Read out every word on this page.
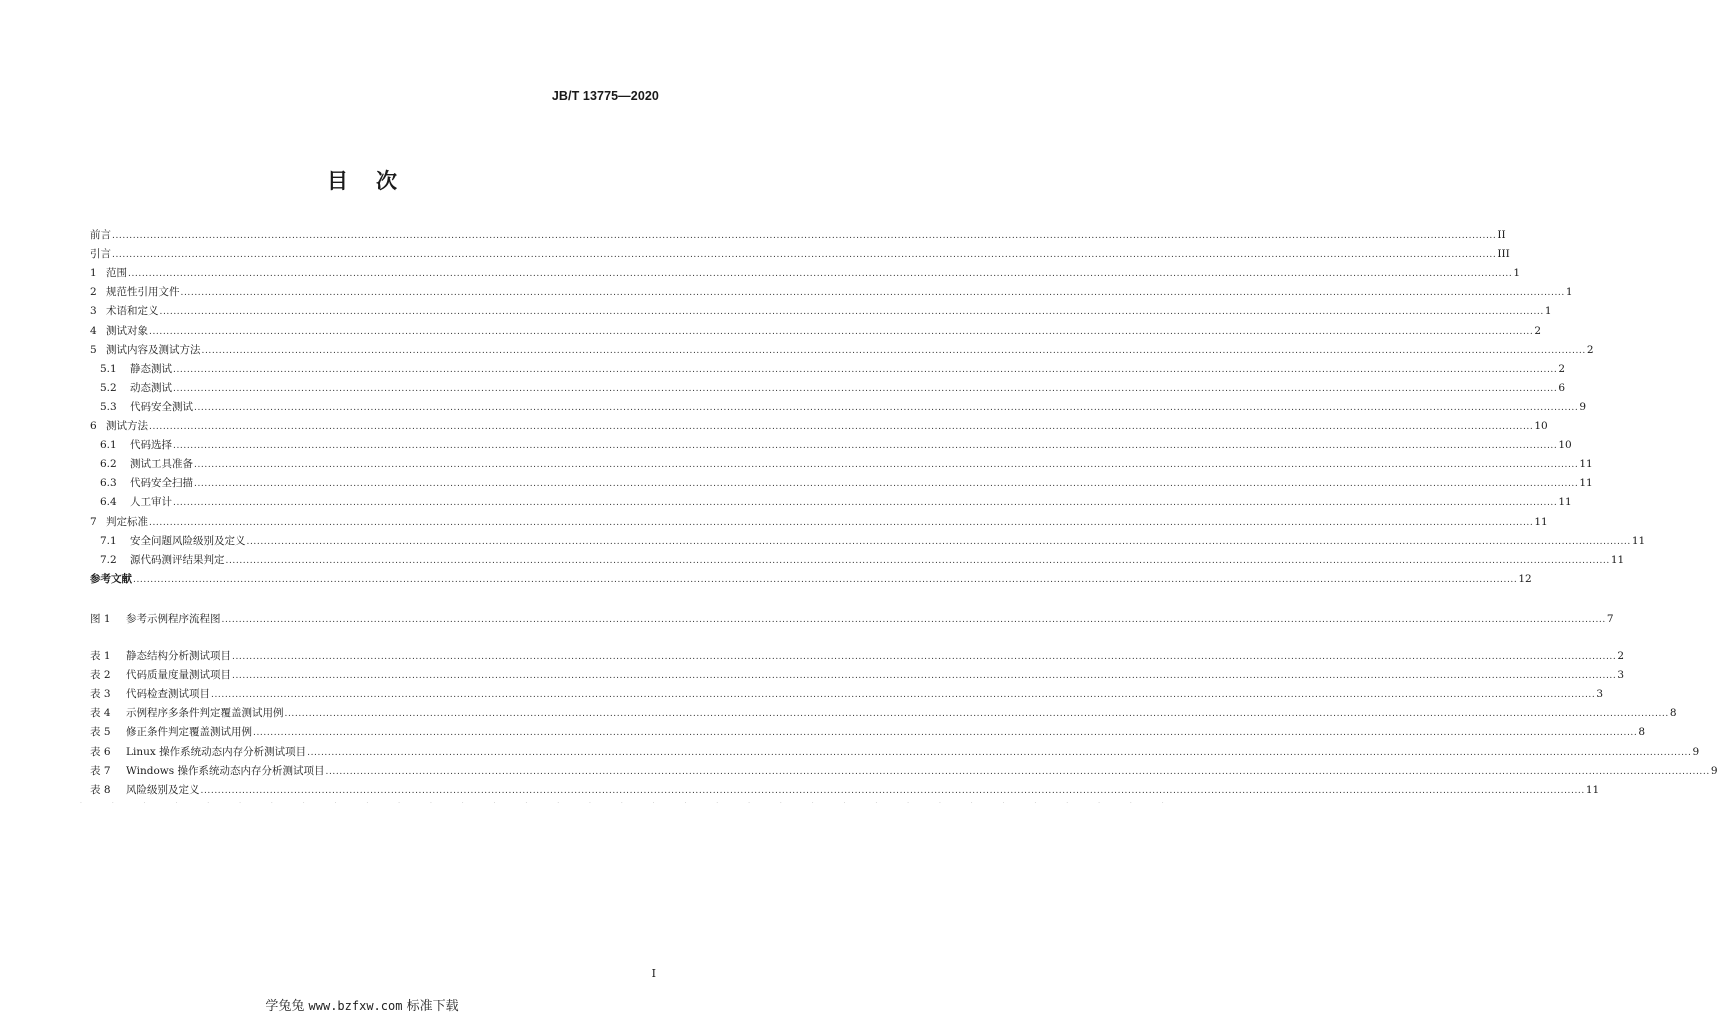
JB/T 13775—2020
目次
前言 ................................................................................................................................................................................................................................................................................................................................................................................................................ II
引言 ................................................................................................................................................................................................................................................................................................................................................................................................................ III
1 范围 ................................................................................................................................................................................................................................................................................................................................................................................................................ 1
2 规范性引用文件 ................................................................................................................................................................................................................................................................................................................................................................................................................ 1
3 术语和定义 ................................................................................................................................................................................................................................................................................................................................................................................................................ 1
4 测试对象 ................................................................................................................................................................................................................................................................................................................................................................................................................ 2
5 测试内容及测试方法 ................................................................................................................................................................................................................................................................................................................................................................................................................ 2
5.1	静态测试 ................................................................................................................................................................................................................................................................................................................................................................................................................ 2
5.2	动态测试 ................................................................................................................................................................................................................................................................................................................................................................................................................ 6
5.3	代码安全测试 ................................................................................................................................................................................................................................................................................................................................................................................................................ 9
6 测试方法 ................................................................................................................................................................................................................................................................................................................................................................................................................ 10
6.1	代码选择 ................................................................................................................................................................................................................................................................................................................................................................................................................ 10
6.2	测试工具准备 ................................................................................................................................................................................................................................................................................................................................................................................................................ 11
6.3	代码安全扫描 ................................................................................................................................................................................................................................................................................................................................................................................................................ 11
6.4	人工审计 ................................................................................................................................................................................................................................................................................................................................................................................................................ 11
7 判定标准 ................................................................................................................................................................................................................................................................................................................................................................................................................ 11
7.1	安全问题风险级别及定义 ................................................................................................................................................................................................................................................................................................................................................................................................................ 11
7.2	源代码测评结果判定 ................................................................................................................................................................................................................................................................................................................................................................................................................ 11
参考文献 ................................................................................................................................................................................................................................................................................................................................................................................................................ 12
图 1	参考示例程序流程图 ................................................................................................................................................................................................................................................................................................................................................................................................................ 7
表 1	静态结构分析测试项目 ................................................................................................................................................................................................................................................................................................................................................................................................................ 2
表 2	代码质量度量测试项目 ................................................................................................................................................................................................................................................................................................................................................................................................................ 3
表 3	代码检查测试项目 ................................................................................................................................................................................................................................................................................................................................................................................................................ 3
表 4	示例程序多条件判定覆盖测试用例 ................................................................................................................................................................................................................................................................................................................................................................................................................ 8
表 5	修正条件判定覆盖测试用例 ................................................................................................................................................................................................................................................................................................................................................................................................................ 8
表 6	Linux 操作系统动态内存分析测试项目 ................................................................................................................................................................................................................................................................................................................................................................................................................ 9
表 7	Windows 操作系统动态内存分析测试项目 ................................................................................................................................................................................................................................................................................................................................................................................................................ 9
表 8	风险级别及定义 ................................................................................................................................................................................................................................................................................................................................................................................................................ 11
· · · · · · · · · · · · · · · · · · · · · · · · · · · · · · · · · · ·
I
学兔兔 www.bzfxw.com 标准下载
